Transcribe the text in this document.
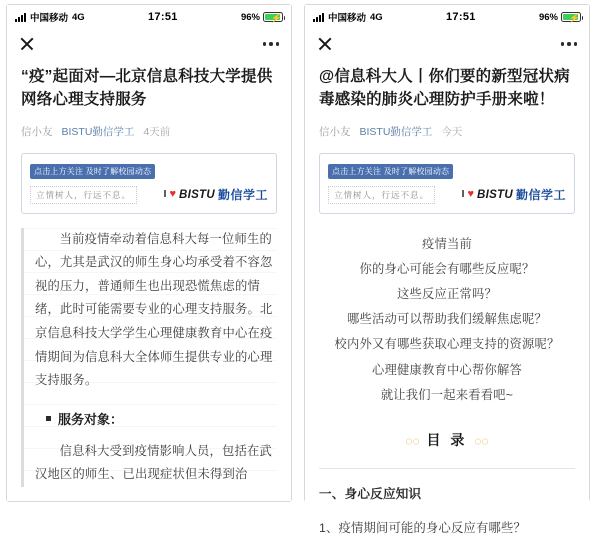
中国移动 4G	17:51	96% ⚡
“疫”起面对—北京信息科技大学提供网络心理支持服务
信小友 BISTU勤信学工 4天前
点击上方关注 及时了解校园动态
立情树人，行远不息。	I ♥ BISTU 勤信学工

当前疫情牵动着信息科大每一位师生的心，尤其是武汉的师生身心均承受着不容忽视的压力，普通师生也出现恐慌焦虑的情绪，此时可能需要专业的心理支持服务。北京信息科技大学学生心理健康教育中心在疫情期间为信息科大全体师生提供专业的心理支持服务。

服务对象：

信息科大受到疫情影响人员，包括在武汉地区的师生、已出现症状但未得到治

中国移动 4G	17:51	96% ⚡
@信息科大人丨你们要的新型冠状病毒感染的肺炎心理防护手册来啦！
信小友 BISTU勤信学工 今天
点击上方关注 及时了解校园动态
立情树人，行远不息。	I ♥ BISTU 勤信学工

疫情当前

你的身心可能会有哪些反应呢？

这些反应正常吗？

哪些活动可以帮助我们缓解焦虑呢？

校内外又有哪些获取心理支持的资源呢？

心理健康教育中心帮你解答

就让我们一起来看看吧~

◌◌ 目 录 ◌◌
一、身心反应知识
1、疫情期间可能的身心反应有哪些？
